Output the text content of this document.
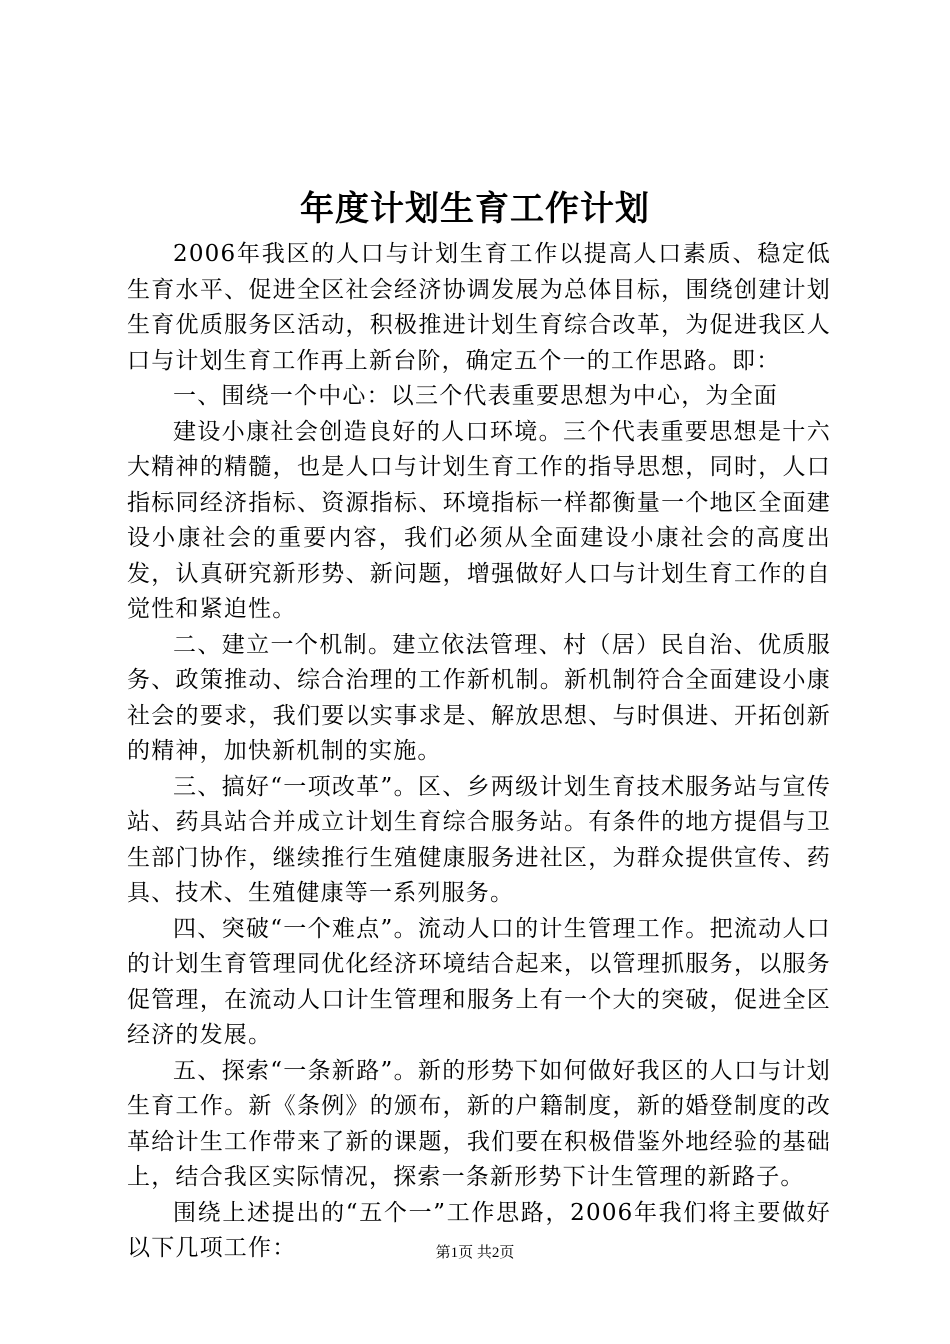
年度计划生育工作计划

2006年我区的人口与计划生育工作以提高人口素质、稳定低生育水平、促进全区社会经济协调发展为总体目标，围绕创建计划生育优质服务区活动，积极推进计划生育综合改革，为促进我区人口与计划生育工作再上新台阶，确定五个一的工作思路。即：

一、围绕一个中心：以三个代表重要思想为中心，为全面

建设小康社会创造良好的人口环境。三个代表重要思想是十六大精神的精髓，也是人口与计划生育工作的指导思想，同时，人口指标同经济指标、资源指标、环境指标一样都衡量一个地区全面建设小康社会的重要内容，我们必须从全面建设小康社会的高度出发，认真研究新形势、新问题，增强做好人口与计划生育工作的自觉性和紧迫性。

二、建立一个机制。建立依法管理、村（居）民自治、优质服务、政策推动、综合治理的工作新机制。新机制符合全面建设小康社会的要求，我们要以实事求是、解放思想、与时俱进、开拓创新的精神，加快新机制的实施。

三、搞好“一项改革”。区、乡两级计划生育技术服务站与宣传站、药具站合并成立计划生育综合服务站。有条件的地方提倡与卫生部门协作，继续推行生殖健康服务进社区，为群众提供宣传、药具、技术、生殖健康等一系列服务。

四、突破“一个难点”。流动人口的计生管理工作。把流动人口的计划生育管理同优化经济环境结合起来，以管理抓服务，以服务促管理，在流动人口计生管理和服务上有一个大的突破，促进全区经济的发展。

五、探索“一条新路”。新的形势下如何做好我区的人口与计划生育工作。新《条例》的颁布，新的户籍制度，新的婚登制度的改革给计生工作带来了新的课题，我们要在积极借鉴外地经验的基础上，结合我区实际情况，探索一条新形势下计生管理的新路子。

围绕上述提出的“五个一”工作思路，2006年我们将主要做好以下几项工作：	第1页 共2页
